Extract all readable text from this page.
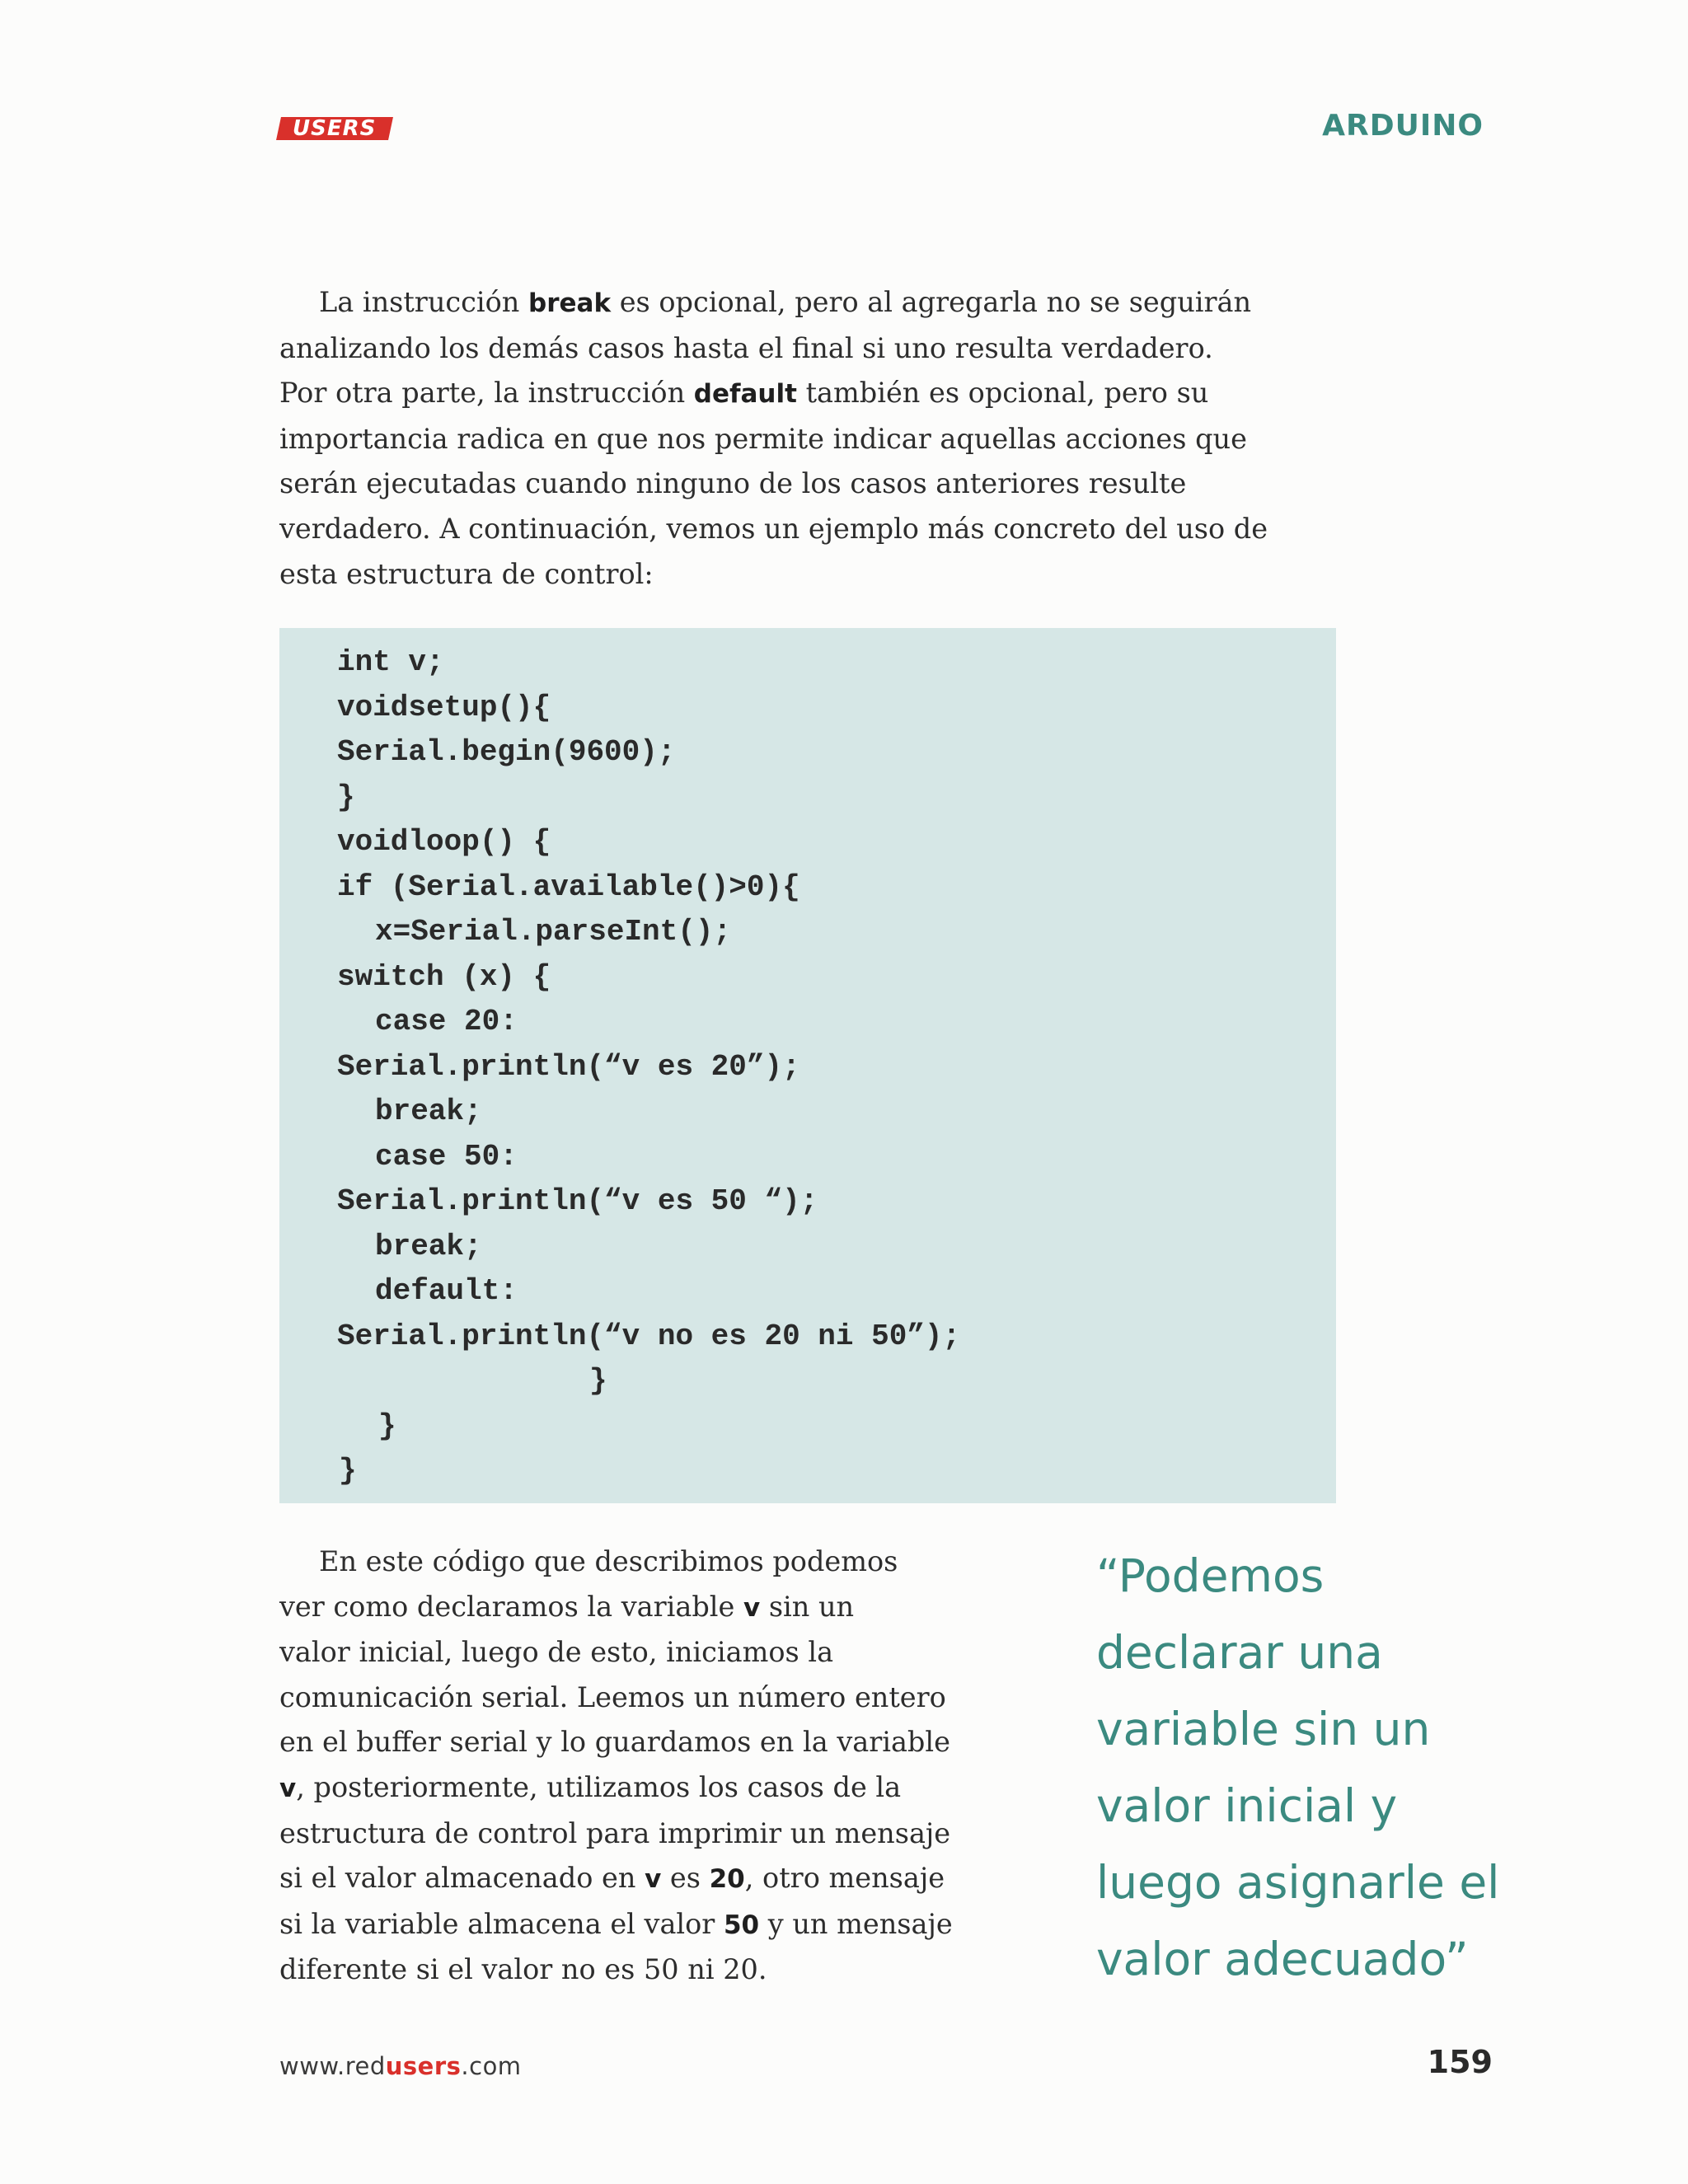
USERS	ARDUINO
La instrucción break es opcional, pero al agregarla no se seguirán
analizando los demás casos hasta el final si uno resulta verdadero.
Por otra parte, la instrucción default también es opcional, pero su
importancia radica en que nos permite indicar aquellas acciones que
serán ejecutadas cuando ninguno de los casos anteriores resulte
verdadero. A continuación, vemos un ejemplo más concreto del uso de
esta estructura de control:
int v;
voidsetup(){
Serial.begin(9600);
}
voidloop() {
if (Serial.available()>0){
x=Serial.parseInt();
switch (x) {
case 20:
Serial.println(“v es 20”);
break;
case 50:
Serial.println(“v es 50 “);
break;
default:
Serial.println(“v no es 20 ni 50”);
}
}
}
En este código que describimos podemos
ver como declaramos la variable v sin un
valor inicial, luego de esto, iniciamos la
comunicación serial. Leemos un número entero
en el buffer serial y lo guardamos en la variable
v, posteriormente, utilizamos los casos de la
estructura de control para imprimir un mensaje
si el valor almacenado en v es 20, otro mensaje
si la variable almacena el valor 50 y un mensaje
diferente si el valor no es 50 ni 20.
“Podemos
declarar una
variable sin un
valor inicial y
luego asignarle el
valor adecuado”
www.redusers.com	159
